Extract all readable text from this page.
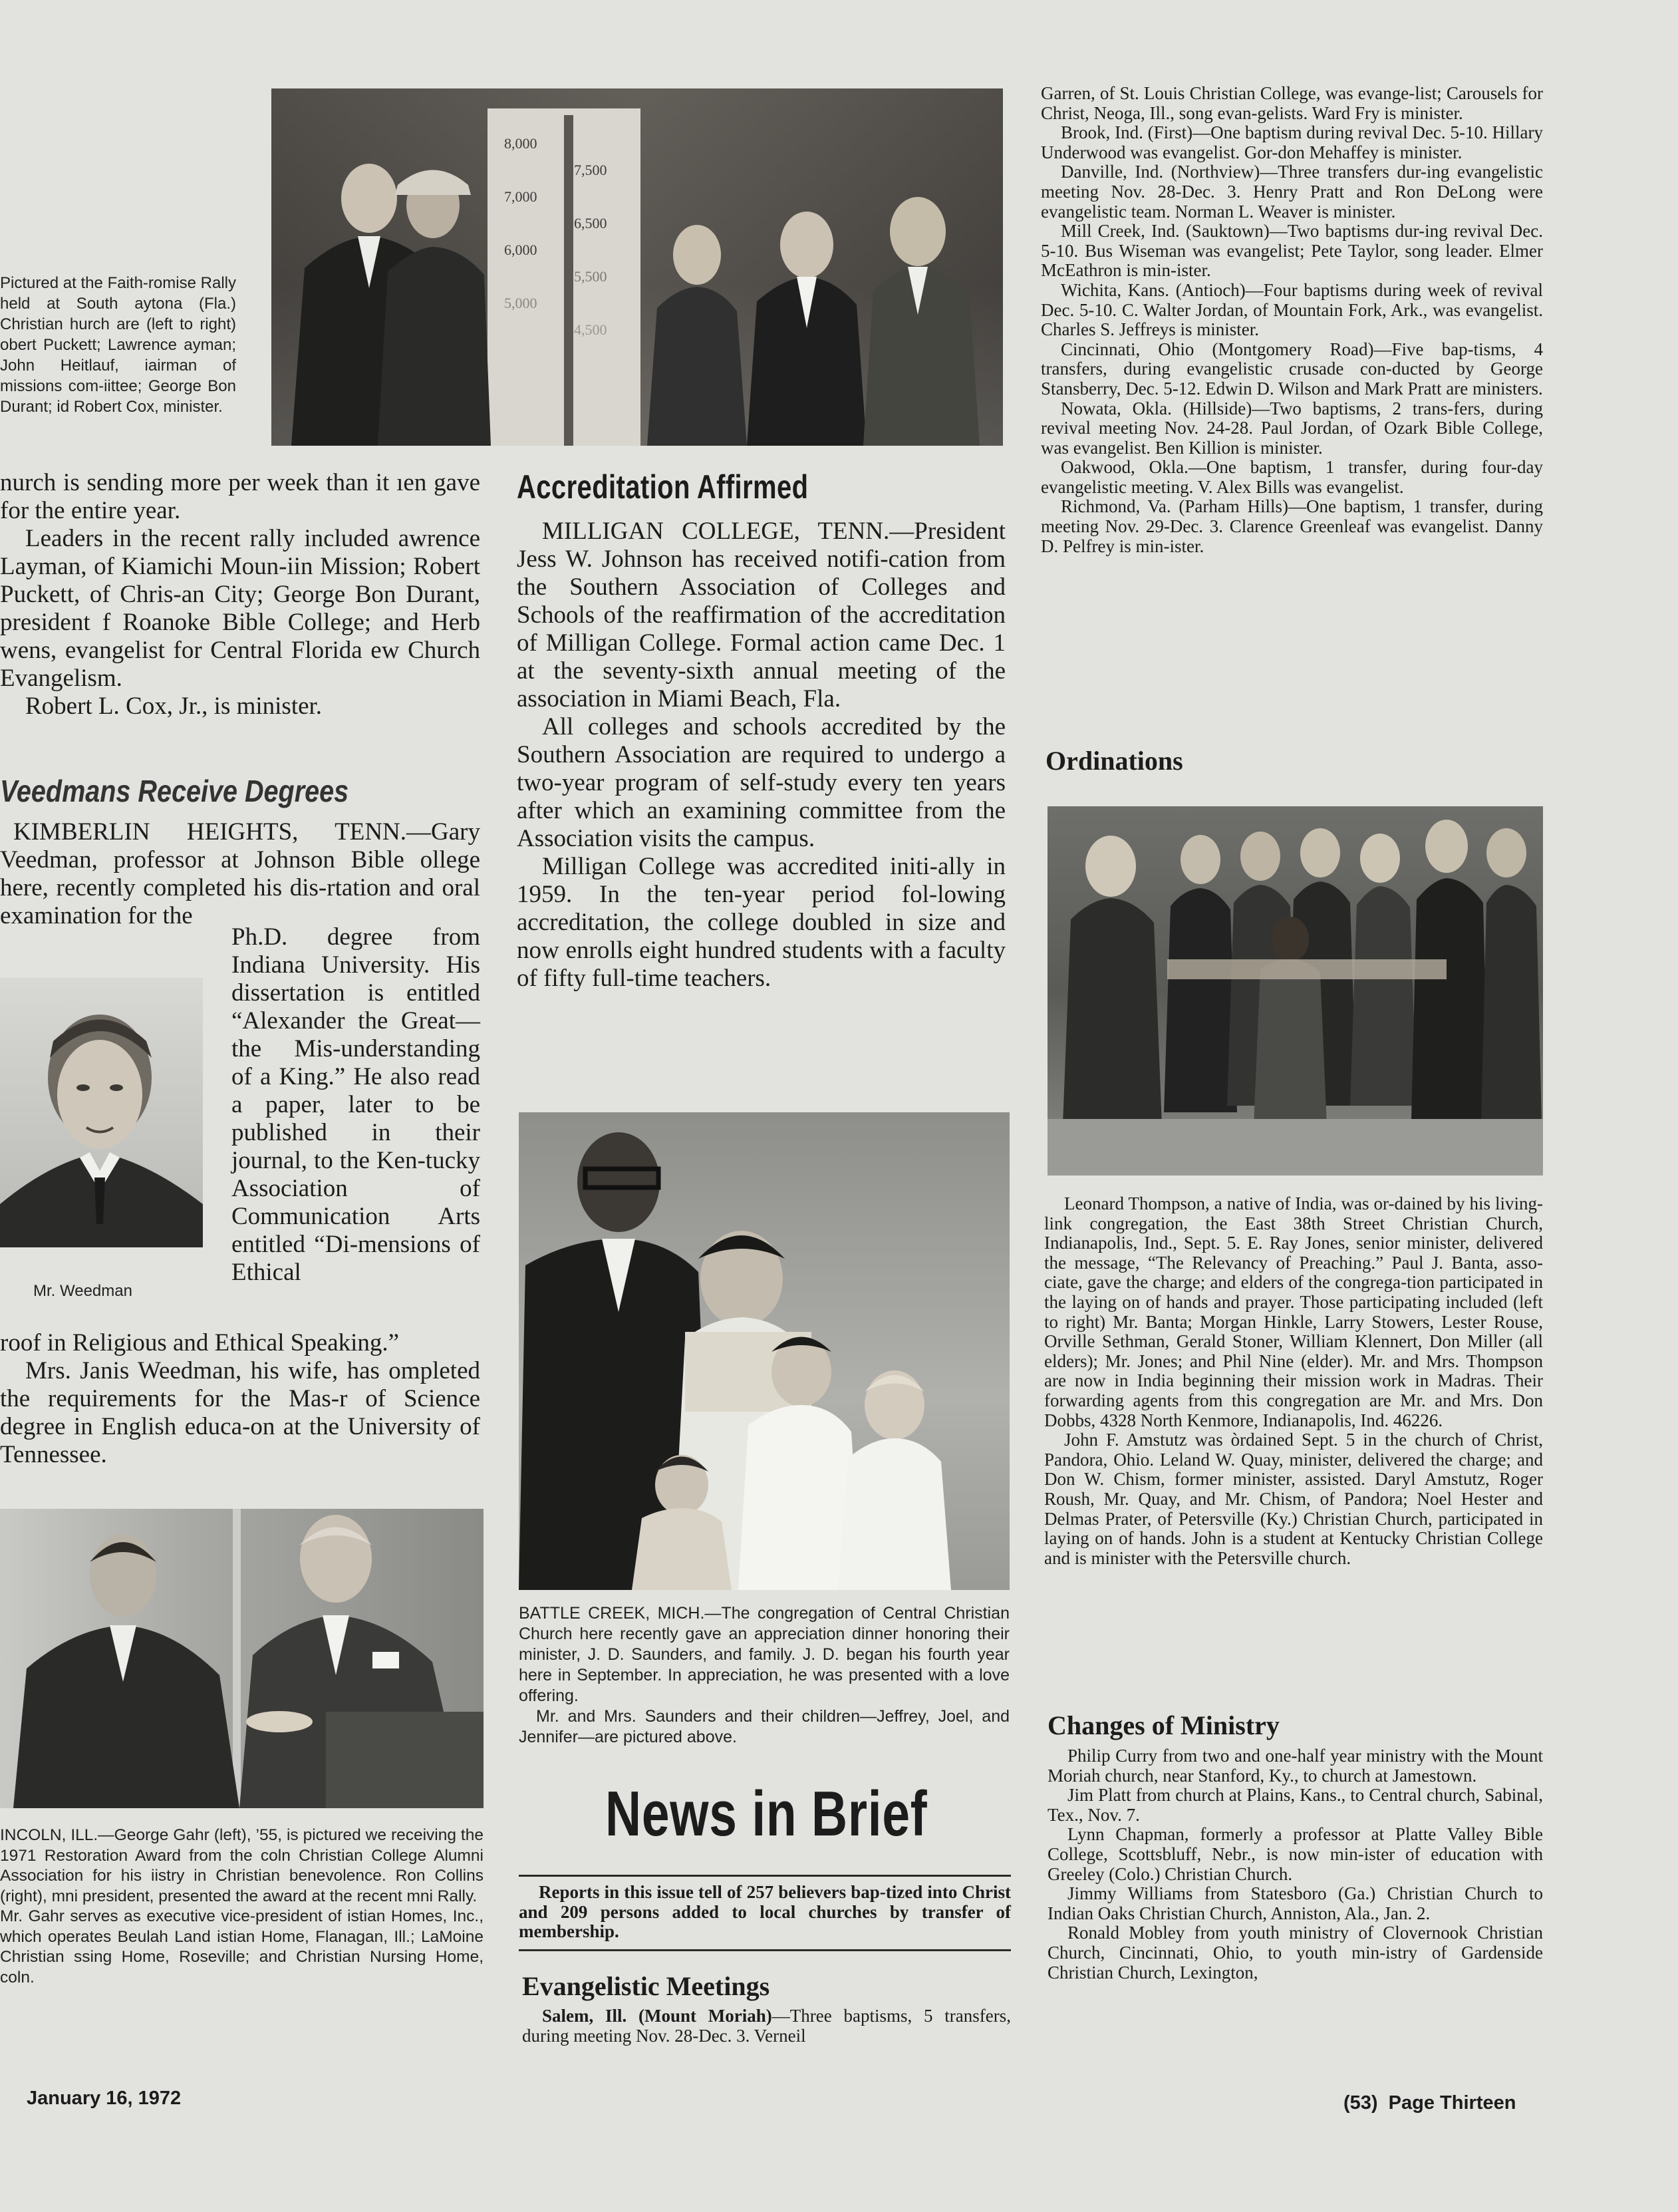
Pictured at the Faith-romise Rally held at South aytona (Fla.) Christian hurch are (left to right) obert Puckett; Lawrence ayman; John Heitlauf, iairman of missions com-iittee; George Bon Durant; id Robert Cox, minister.

nurch is sending more per week than it ıen gave for the entire year.

Leaders in the recent rally included awrence Layman, of Kiamichi Moun-iin Mission; Robert Puckett, of Chris-an City; George Bon Durant, president f Roanoke Bible College; and Herb wens, evangelist for Central Florida ew Church Evangelism.

Robert L. Cox, Jr., is minister.

Veedmans Receive Degrees

KIMBERLIN HEIGHTS, TENN.—Gary Veedman, professor at Johnson Bible ollege here, recently completed his dis-rtation and oral examination for the

Mr. Weedman

Ph.D. degree from Indiana University. His dissertation is entitled “Alexander the Great—the Mis-understanding of a King.” He also read a paper, later to be published in their journal, to the Ken-tucky Association of Communication Arts entitled “Di-mensions of Ethical

roof in Religious and Ethical Speaking.”

Mrs. Janis Weedman, his wife, has ompleted the requirements for the Mas-r of Science degree in English educa-on at the University of Tennessee.

INCOLN, ILL.—George Gahr (left), ’55, is pictured we receiving the 1971 Restoration Award from the coln Christian College Alumni Association for his iistry in Christian benevolence. Ron Collins (right), mni president, presented the award at the recent mni Rally.
Mr. Gahr serves as executive vice-president of istian Homes, Inc., which operates Beulah Land istian Home, Flanagan, Ill.; LaMoine Christian ssing Home, Roseville; and Christian Nursing Home, coln.
January 16, 1972
8,000
7,500
7,000
6,500
6,000
5,500
5,000
4,500
Accreditation Affirmed

MILLIGAN COLLEGE, TENN.—President Jess W. Johnson has received notifi-cation from the Southern Association of Colleges and Schools of the reaffirmation of the accreditation of Milligan College. Formal action came Dec. 1 at the seventy-sixth annual meeting of the association in Miami Beach, Fla.

All colleges and schools accredited by the Southern Association are required to undergo a two-year program of self-study every ten years after which an examining committee from the Association visits the campus.

Milligan College was accredited initi-ally in 1959. In the ten-year period fol-lowing accreditation, the college doubled in size and now enrolls eight hundred students with a faculty of fifty full-time teachers.

BATTLE CREEK, MICH.—The congregation of Central Christian Church here recently gave an appreciation dinner honoring their minister, J. D. Saunders, and family. J. D. began his fourth year here in September. In appreciation, he was presented with a love offering.
Mr. and Mrs. Saunders and their children—Jeffrey, Joel, and Jennifer—are pictured above.
News in Brief

Reports in this issue tell of 257 believers bap-tized into Christ and 209 persons added to local churches by transfer of membership.

Evangelistic Meetings

Salem, Ill. (Mount Moriah)—Three baptisms, 5 transfers, during meeting Nov. 28-Dec. 3. Verneil

Garren, of St. Louis Christian College, was evange-list; Carousels for Christ, Neoga, Ill., song evan-gelists. Ward Fry is minister.

Brook, Ind. (First)—One baptism during revival Dec. 5-10. Hillary Underwood was evangelist. Gor-don Mehaffey is minister.

Danville, Ind. (Northview)—Three transfers dur-ing evangelistic meeting Nov. 28-Dec. 3. Henry Pratt and Ron DeLong were evangelistic team. Norman L. Weaver is minister.

Mill Creek, Ind. (Sauktown)—Two baptisms dur-ing revival Dec. 5-10. Bus Wiseman was evangelist; Pete Taylor, song leader. Elmer McEathron is min-ister.

Wichita, Kans. (Antioch)—Four baptisms during week of revival Dec. 5-10. C. Walter Jordan, of Mountain Fork, Ark., was evangelist. Charles S. Jeffreys is minister.

Cincinnati, Ohio (Montgomery Road)—Five bap-tisms, 4 transfers, during evangelistic crusade con-ducted by George Stansberry, Dec. 5-12. Edwin D. Wilson and Mark Pratt are ministers.

Nowata, Okla. (Hillside)—Two baptisms, 2 trans-fers, during revival meeting Nov. 24-28. Paul Jordan, of Ozark Bible College, was evangelist. Ben Killion is minister.

Oakwood, Okla.—One baptism, 1 transfer, during four-day evangelistic meeting. V. Alex Bills was evangelist.

Richmond, Va. (Parham Hills)—One baptism, 1 transfer, during meeting Nov. 29-Dec. 3. Clarence Greenleaf was evangelist. Danny D. Pelfrey is min-ister.

Ordinations

Leonard Thompson, a native of India, was or-dained by his living-link congregation, the East 38th Street Christian Church, Indianapolis, Ind., Sept. 5. E. Ray Jones, senior minister, delivered the message, “The Relevancy of Preaching.” Paul J. Banta, asso-ciate, gave the charge; and elders of the congrega-tion participated in the laying on of hands and prayer. Those participating included (left to right) Mr. Banta; Morgan Hinkle, Larry Stowers, Lester Rouse, Orville Sethman, Gerald Stoner, William Klennert, Don Miller (all elders); Mr. Jones; and Phil Nine (elder). Mr. and Mrs. Thompson are now in India beginning their mission work in Madras. Their forwarding agents from this congregation are Mr. and Mrs. Don Dobbs, 4328 North Kenmore, Indianapolis, Ind. 46226.

John F. Amstutz was òrdained Sept. 5 in the church of Christ, Pandora, Ohio. Leland W. Quay, minister, delivered the charge; and Don W. Chism, former minister, assisted. Daryl Amstutz, Roger Roush, Mr. Quay, and Mr. Chism, of Pandora; Noel Hester and Delmas Prater, of Petersville (Ky.) Christian Church, participated in laying on of hands. John is a student at Kentucky Christian College and is minister with the Petersville church.

Changes of Ministry

Philip Curry from two and one-half year ministry with the Mount Moriah church, near Stanford, Ky., to church at Jamestown.

Jim Platt from church at Plains, Kans., to Central church, Sabinal, Tex., Nov. 7.

Lynn Chapman, formerly a professor at Platte Valley Bible College, Scottsbluff, Nebr., is now min-ister of education with Greeley (Colo.) Christian Church.

Jimmy Williams from Statesboro (Ga.) Christian Church to Indian Oaks Christian Church, Anniston, Ala., Jan. 2.

Ronald Mobley from youth ministry of Clovernook Christian Church, Cincinnati, Ohio, to youth min-istry of Gardenside Christian Church, Lexington,

(53)  Page Thirteen
